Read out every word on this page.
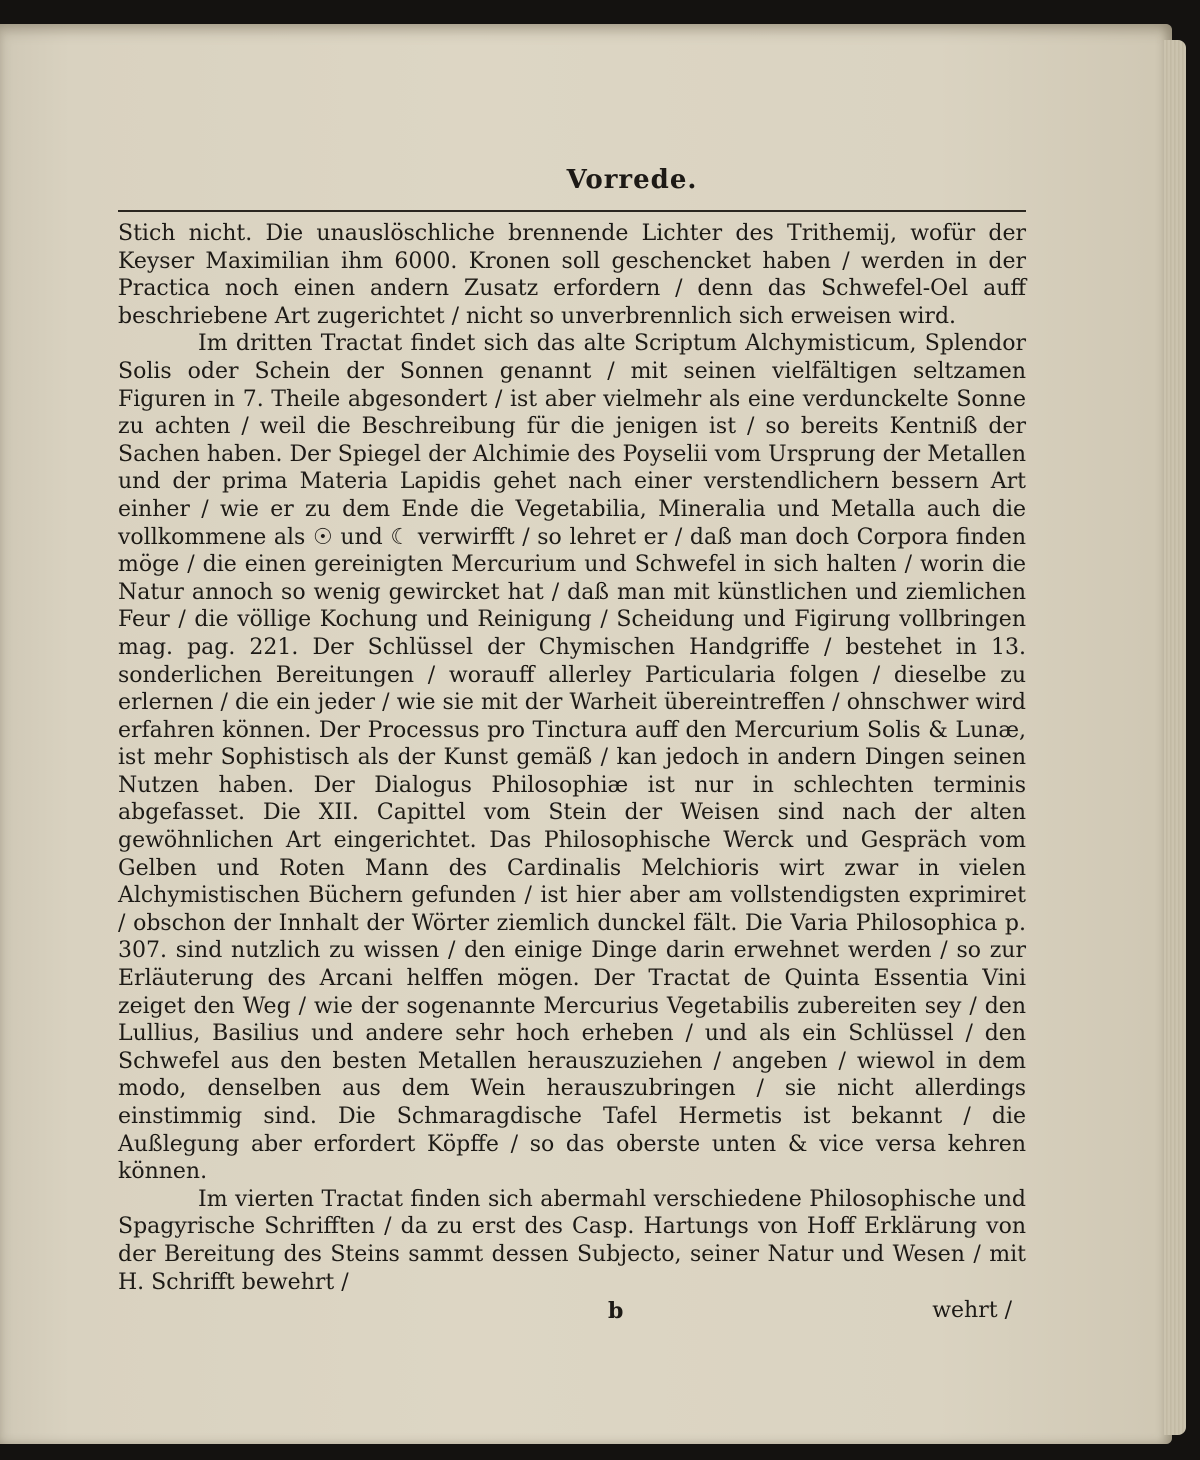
Vorrede.

Stich nicht. Die unauslöschliche brennende Lichter des Trithemij, wofür der Keyser Maximilian ihm 6000. Kronen soll geschencket haben / werden in der Practica noch einen andern Zusatz erfordern / denn das Schwefel-Oel auff beschriebene Art zugerichtet / nicht so unverbrennlich sich erweisen wird.

Im dritten Tractat findet sich das alte Scriptum Alchymisticum, Splendor Solis oder Schein der Sonnen genannt / mit seinen vielfältigen seltzamen Figuren in 7. Theile abgesondert / ist aber vielmehr als eine verdunckelte Sonne zu achten / weil die Beschreibung für die jenigen ist / so bereits Kentniß der Sachen haben. Der Spiegel der Alchimie des Poyselii vom Ursprung der Metallen und der prima Materia Lapidis gehet nach einer verstendlichern bessern Art einher / wie er zu dem Ende die Vegetabilia, Mineralia und Metalla auch die vollkommene als ☉ und ☾ verwirfft / so lehret er / daß man doch Corpora finden möge / die einen gereinigten Mercurium und Schwefel in sich halten / worin die Natur annoch so wenig gewircket hat / daß man mit künstlichen und ziemlichen Feur / die völlige Kochung und Reinigung / Scheidung und Figirung vollbringen mag. pag. 221. Der Schlüssel der Chymischen Handgriffe / bestehet in 13. sonderlichen Bereitungen / worauff allerley Particularia folgen / dieselbe zu erlernen / die ein jeder / wie sie mit der Warheit übereintreffen / ohnschwer wird erfahren können. Der Processus pro Tinctura auff den Mercurium Solis & Lunæ, ist mehr Sophistisch als der Kunst gemäß / kan jedoch in andern Dingen seinen Nutzen haben. Der Dialogus Philosophiæ ist nur in schlechten terminis abgefasset. Die XII. Capittel vom Stein der Weisen sind nach der alten gewöhnlichen Art eingerichtet. Das Philosophische Werck und Gespräch vom Gelben und Roten Mann des Cardinalis Melchioris wirt zwar in vielen Alchymistischen Büchern gefunden / ist hier aber am vollstendigsten exprimiret / obschon der Innhalt der Wörter ziemlich dunckel fält. Die Varia Philosophica p. 307. sind nutzlich zu wissen / den einige Dinge darin erwehnet werden / so zur Erläuterung des Arcani helffen mögen. Der Tractat de Quinta Essentia Vini zeiget den Weg / wie der sogenannte Mercurius Vegetabilis zubereiten sey / den Lullius, Basilius und andere sehr hoch erheben / und als ein Schlüssel / den Schwefel aus den besten Metallen herauszuziehen / angeben / wiewol in dem modo, denselben aus dem Wein herauszubringen / sie nicht allerdings einstimmig sind. Die Schmaragdische Tafel Hermetis ist bekannt / die Außlegung aber erfordert Köpffe / so das oberste unten & vice versa kehren können.

Im vierten Tractat finden sich abermahl verschiedene Philosophische und Spagyrische Schrifften / da zu erst des Casp. Hartungs von Hoff Erklärung von der Bereitung des Steins sammt dessen Subjecto, seiner Natur und Wesen / mit H. Schrifft bewehrt /

b	wehrt /
